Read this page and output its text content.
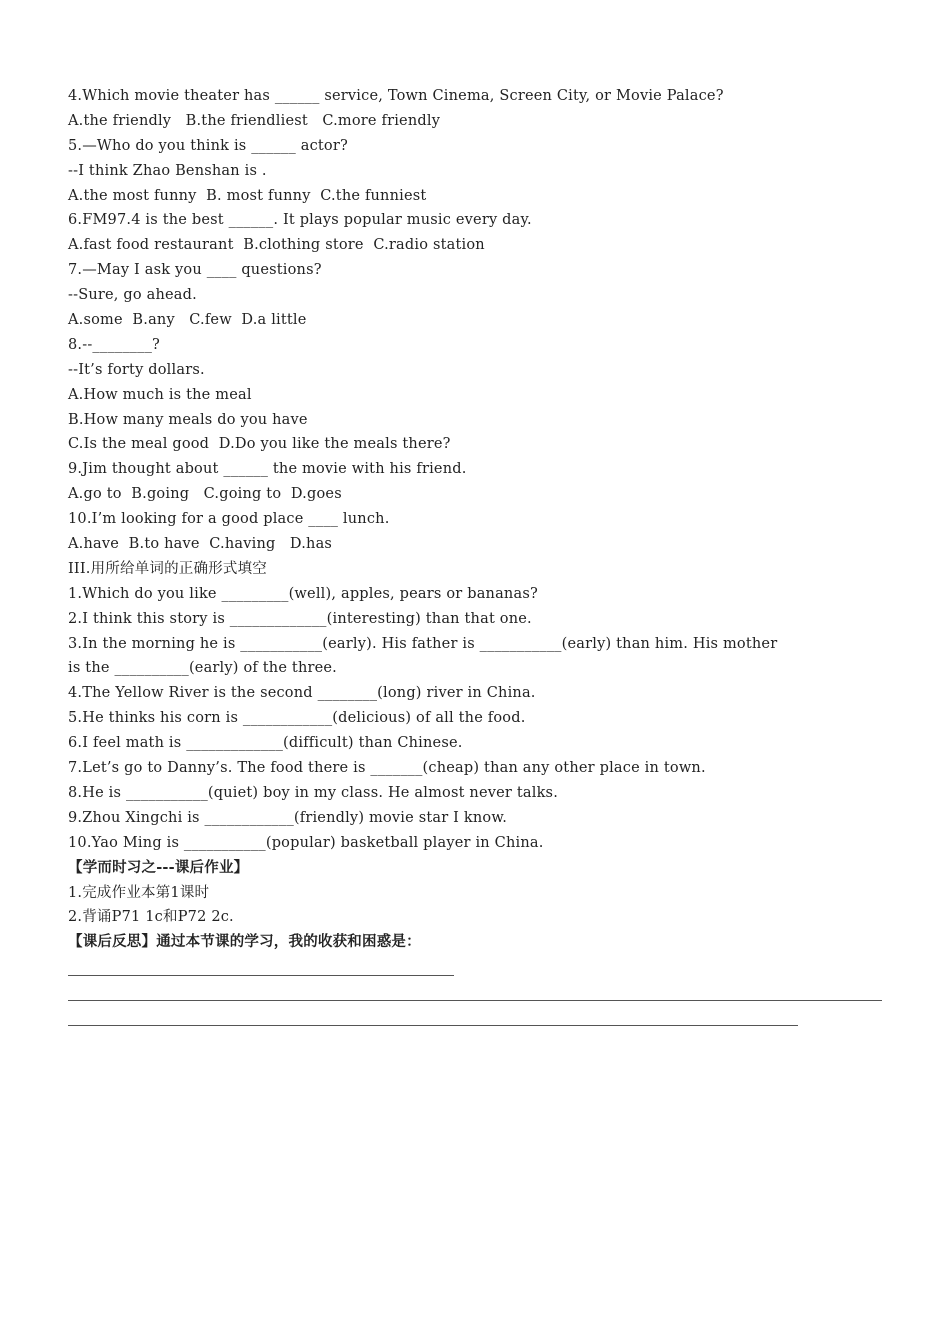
4.Which movie theater has ______ service, Town Cinema, Screen City, or Movie Palace?
A.the friendly   B.the friendliest   C.more friendly
5.—Who do you think is ______ actor?
--I think Zhao Benshan is .
A.the most funny  B. most funny  C.the funniest
6.FM97.4 is the best ______. It plays popular music every day.
A.fast food restaurant  B.clothing store  C.radio station
7.—May I ask you ____ questions?
--Sure, go ahead.
A.some  B.any   C.few  D.a little
8.--________?
--It’s forty dollars.
A.How much is the meal
B.How many meals do you have
C.Is the meal good  D.Do you like the meals there?
9.Jim thought about ______ the movie with his friend.
A.go to  B.going   C.going to  D.goes
10.I’m looking for a good place ____ lunch.
A.have  B.to have  C.having   D.has
III.用所给单词的正确形式填空
1.Which do you like _________(well), apples, pears or bananas?
2.I think this story is _____________(interesting) than that one.
3.In the morning he is ___________(early). His father is ___________(early) than him. His mother
is the __________(early) of the three.
4.The Yellow River is the second ________(long) river in China.
5.He thinks his corn is ____________(delicious) of all the food.
6.I feel math is _____________(difficult) than Chinese.
7.Let’s go to Danny’s. The food there is _______(cheap) than any other place in town.
8.He is ___________(quiet) boy in my class. He almost never talks.
9.Zhou Xingchi is ____________(friendly) movie star I know.
10.Yao Ming is ___________(popular) basketball player in China.
【学而时习之---课后作业】
1.完成作业本第1课时
2.背诵P71 1c和P72 2c.
【课后反思】通过本节课的学习，我的收获和困惑是：
